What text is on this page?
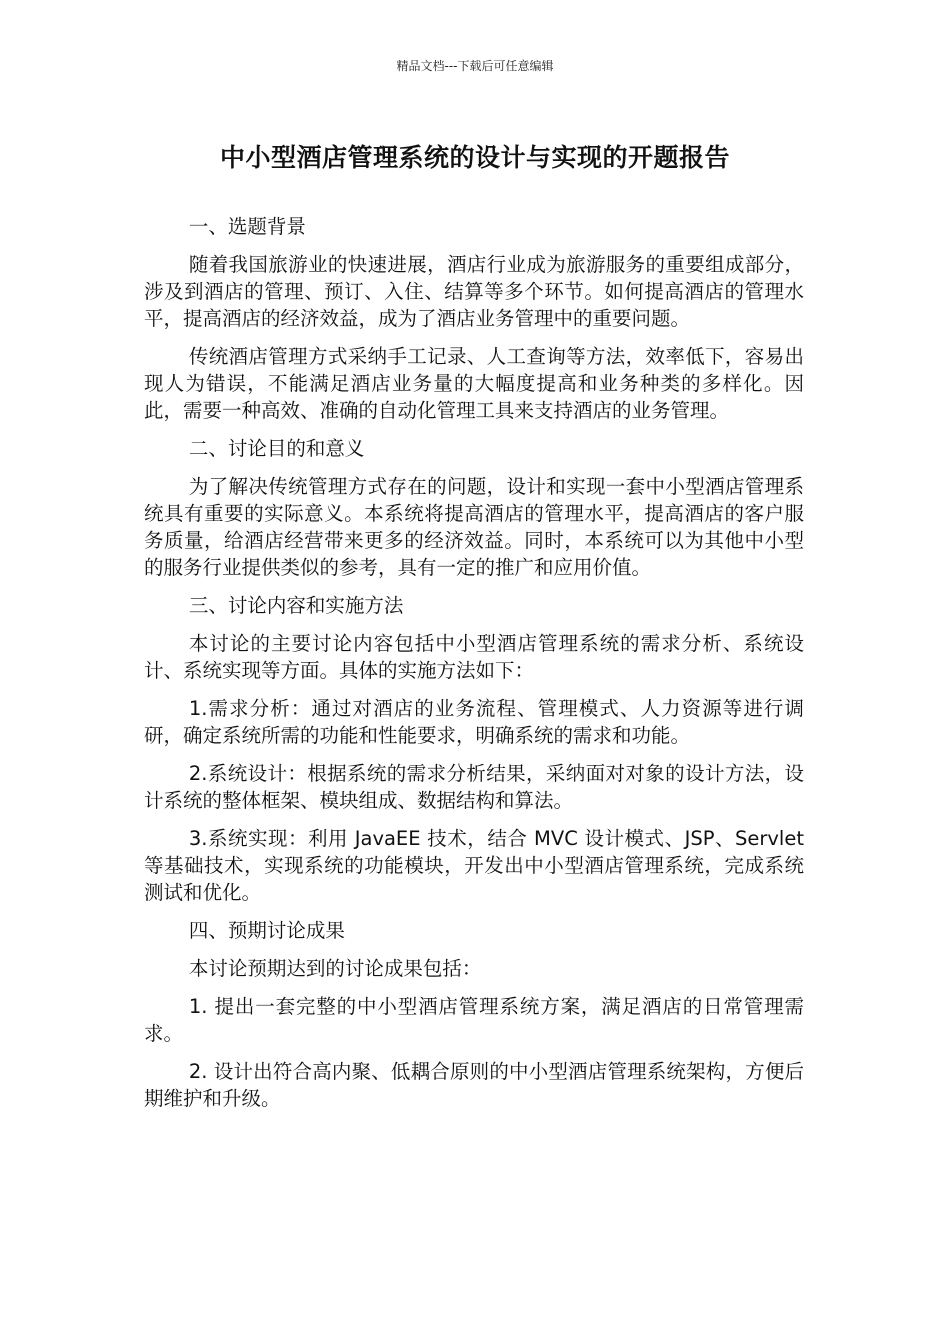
精品文档---下载后可任意编辑
中小型酒店管理系统的设计与实现的开题报告

一、选题背景

随着我国旅游业的快速进展，酒店行业成为旅游服务的重要组成部分，涉及到酒店的管理、预订、入住、结算等多个环节。如何提高酒店的管理水平，提高酒店的经济效益，成为了酒店业务管理中的重要问题。

传统酒店管理方式采纳手工记录、人工查询等方法，效率低下，容易出现人为错误，不能满足酒店业务量的大幅度提高和业务种类的多样化。因此，需要一种高效、准确的自动化管理工具来支持酒店的业务管理。

二、讨论目的和意义

为了解决传统管理方式存在的问题，设计和实现一套中小型酒店管理系统具有重要的实际意义。本系统将提高酒店的管理水平，提高酒店的客户服务质量，给酒店经营带来更多的经济效益。同时，本系统可以为其他中小型的服务行业提供类似的参考，具有一定的推广和应用价值。

三、讨论内容和实施方法

本讨论的主要讨论内容包括中小型酒店管理系统的需求分析、系统设计、系统实现等方面。具体的实施方法如下：

1.需求分析：通过对酒店的业务流程、管理模式、人力资源等进行调研，确定系统所需的功能和性能要求，明确系统的需求和功能。

2.系统设计：根据系统的需求分析结果，采纳面对对象的设计方法，设计系统的整体框架、模块组成、数据结构和算法。

3.系统实现：利用 JavaEE 技术，结合 MVC 设计模式、JSP、Servlet 等基础技术，实现系统的功能模块，开发出中小型酒店管理系统，完成系统测试和优化。

四、预期讨论成果

本讨论预期达到的讨论成果包括：

1. 提出一套完整的中小型酒店管理系统方案，满足酒店的日常管理需求。

2. 设计出符合高内聚、低耦合原则的中小型酒店管理系统架构，方便后期维护和升级。
